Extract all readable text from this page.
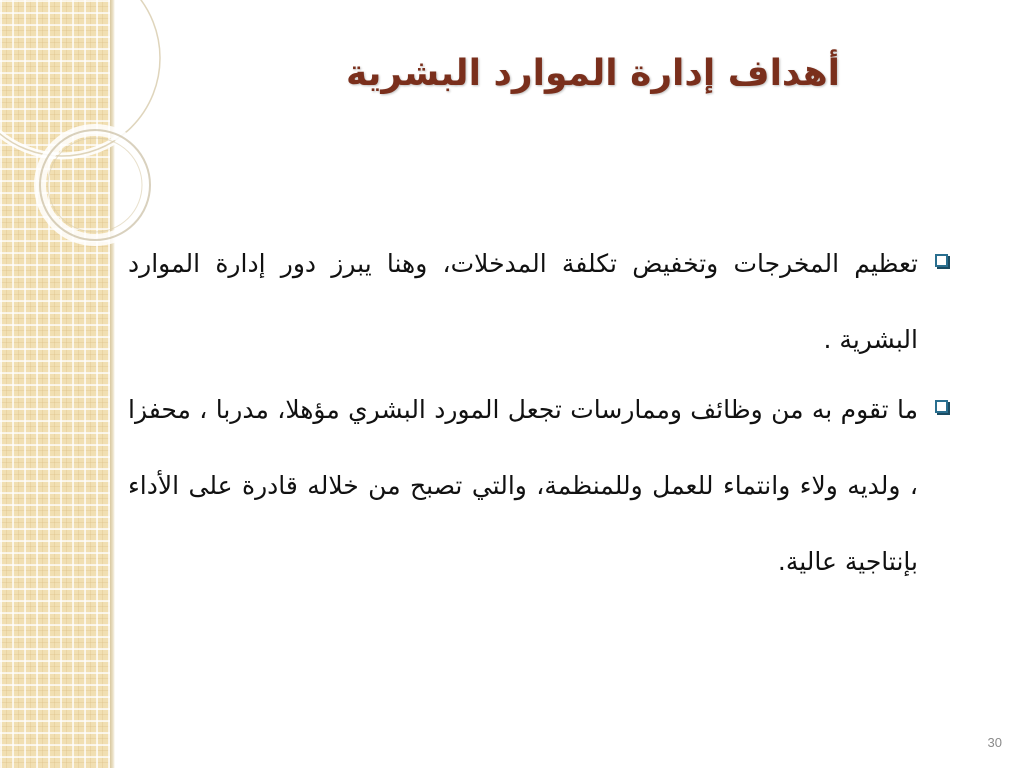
أهداف إدارة الموارد البشرية
تعظيم المخرجات وتخفيض تكلفة المدخلات، وهنا يبرز دور إدارة الموارد البشرية .
ما تقوم به من وظائف وممارسات تجعل المورد البشري مؤهلا، مدربا ، محفزا ، ولديه ولاء وانتماء للعمل وللمنظمة، والتي تصبح من خلاله قادرة على الأداء بإنتاجية عالية.
30
